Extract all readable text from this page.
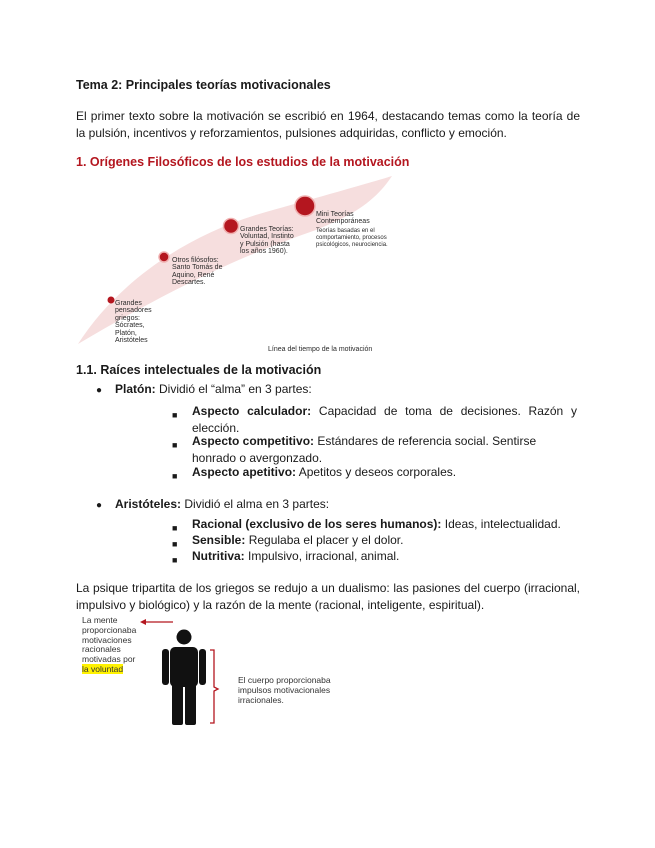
Tema 2: Principales teorías motivacionales
El primer texto sobre la motivación se escribió en 1964, destacando temas como la teoría de la pulsión, incentivos y reforzamientos, pulsiones adquiridas, conflicto y emoción.
1. Orígenes Filosóficos de los estudios de la motivación
Grandes
pensadores
griegos:
Sócrates,
Platón,
Aristóteles
Otros filósofos:
Santo Tomás de
Aquino, René
Descartes.
Grandes Teorías:
Voluntad, Instinto
y Pulsión (hasta
los años 1960).
Mini Teorías
Contemporáneas
Teorías basadas en el
comportamiento, procesos
psicológicos, neurociencia.
Línea del tiempo de la motivación
1.1. Raíces intelectuales de la motivación
● Platón: Dividió el “alma” en 3 partes:
■ Aspecto calculador: Capacidad de toma de decisiones. Razón y elección.
■ Aspecto competitivo: Estándares de referencia social. Sentirse honrado o avergonzado.
■ Aspecto apetitivo: Apetitos y deseos corporales.
● Aristóteles: Dividió el alma en 3 partes:
■ Racional (exclusivo de los seres humanos): Ideas, intelectualidad.
■ Sensible: Regulaba el placer y el dolor.
■ Nutritiva: Impulsivo, irracional, animal.
La psique tripartita de los griegos se redujo a un dualismo: las pasiones del cuerpo (irracional, impulsivo y biológico) y la razón de la mente (racional, inteligente, espiritual).
La mente
proporcionaba
motivaciones
racionales
motivadas por
la voluntad
El cuerpo proporcionaba
impulsos motivacionales
irracionales.
